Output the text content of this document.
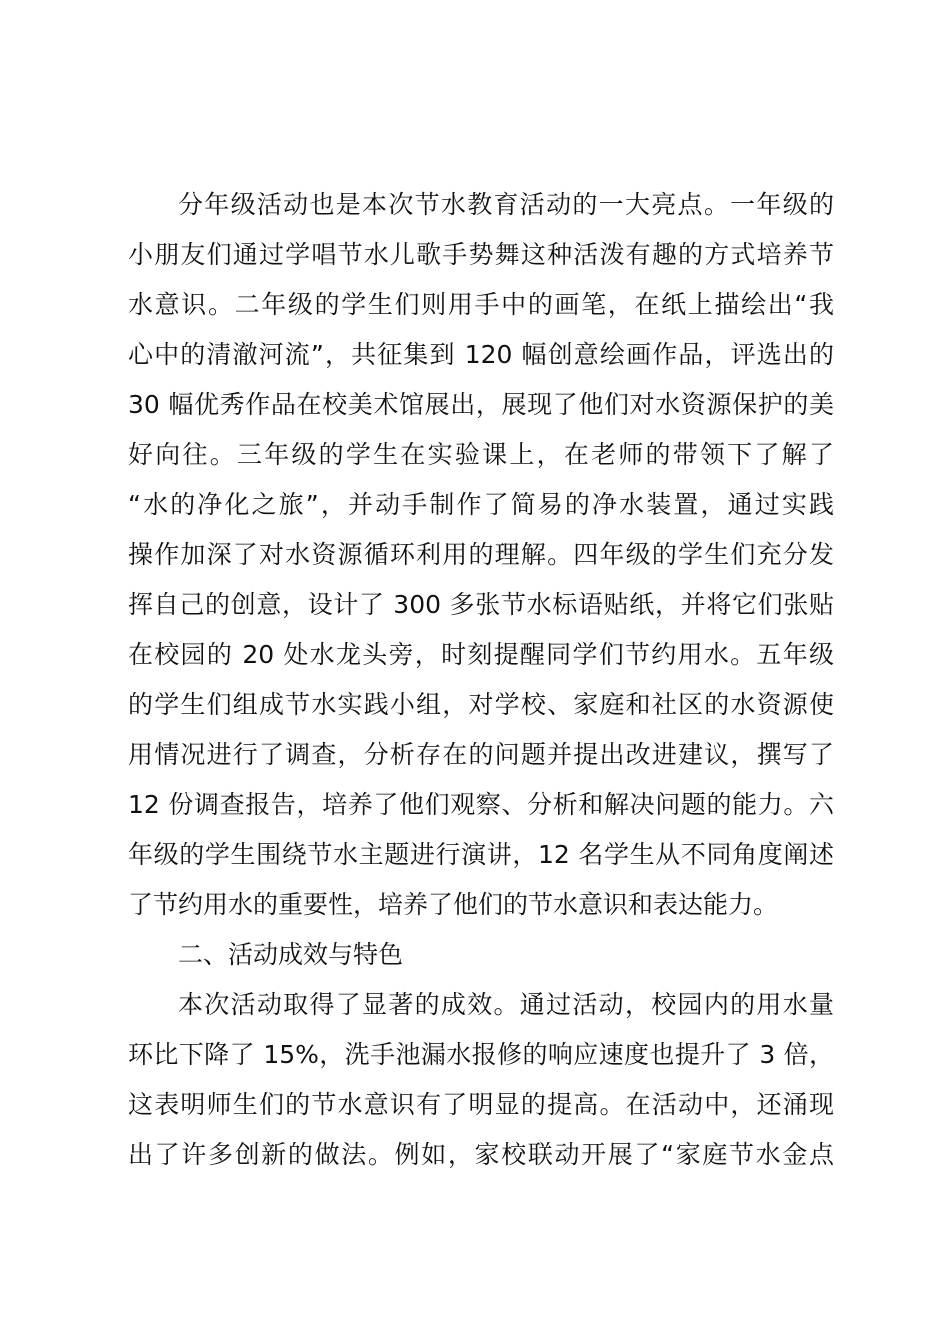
分年级活动也是本次节水教育活动的一大亮点。一年级的
小朋友们通过学唱节水儿歌手势舞这种活泼有趣的方式培养节
水意识。二年级的学生们则用手中的画笔，在纸上描绘出“我
心中的清澈河流”，共征集到 120 幅创意绘画作品，评选出的
30 幅优秀作品在校美术馆展出，展现了他们对水资源保护的美
好向往。三年级的学生在实验课上，在老师的带领下了解了
“水的净化之旅”，并动手制作了简易的净水装置，通过实践
操作加深了对水资源循环利用的理解。四年级的学生们充分发
挥自己的创意，设计了 300 多张节水标语贴纸，并将它们张贴
在校园的 20 处水龙头旁，时刻提醒同学们节约用水。五年级
的学生们组成节水实践小组，对学校、家庭和社区的水资源使
用情况进行了调查，分析存在的问题并提出改进建议，撰写了
12 份调查报告，培养了他们观察、分析和解决问题的能力。六
年级的学生围绕节水主题进行演讲，12 名学生从不同角度阐述
了节约用水的重要性，培养了他们的节水意识和表达能力。
二、活动成效与特色
本次活动取得了显著的成效。通过活动，校园内的用水量
环比下降了 15%，洗手池漏水报修的响应速度也提升了 3 倍，
这表明师生们的节水意识有了明显的提高。在活动中，还涌现
出了许多创新的做法。例如，家校联动开展了“家庭节水金点
